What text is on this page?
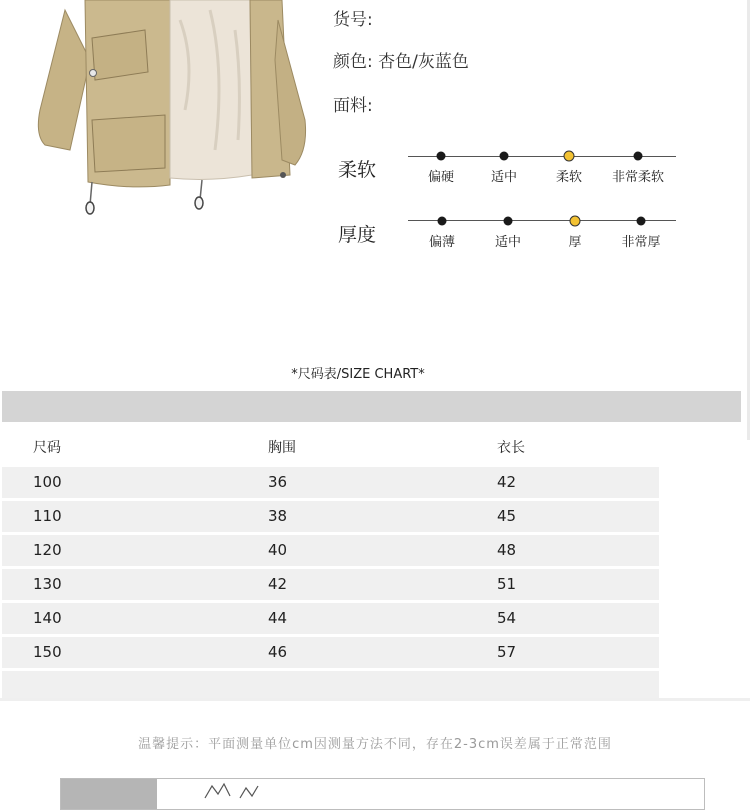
货号:
颜色: 杏色/灰蓝色
面料:
柔软	偏硬	适中	柔软 非常柔软
厚度	偏薄	适中	厚	非常厚
*尺码表/SIZE CHART*
尺码	胸围	衣长
100	36	42
110	38	45
120	40	48
130	42	51
140	44	54
150	46	57
温馨提示：平面测量单位cm因测量方法不同，存在2-3cm误差属于正常范围
